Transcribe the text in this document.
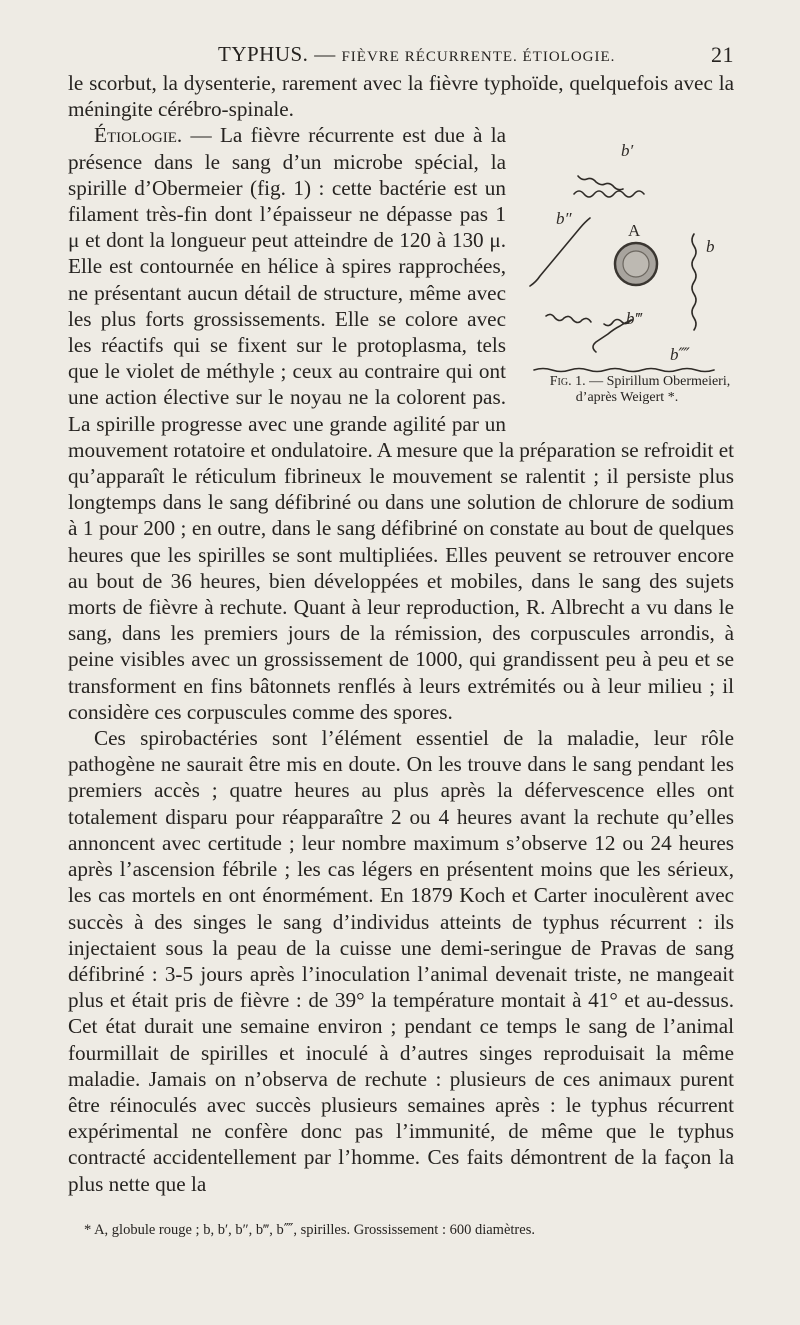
TYPHUS. — FIÈVRE RÉCURRENTE. ÉTIOLOGIE.	21

le scorbut, la dysenterie, rarement avec la fièvre typhoïde, quelquefois avec la méningite cérébro-spinale.

Étiologie. —
b′
b″
A
b
b‴
b⁗
Fig. 1. — Spirillum Obermeieri,
d’après Weigert *.
La fièvre récurrente est due à la présence dans le sang d’un microbe spécial, la spirille d’Obermeier (fig. 1) : cette bactérie est un filament très-fin dont l’épaisseur ne dépasse pas 1 μ et dont la longueur peut atteindre de 120 à 130 μ. Elle est contournée en hélice à spires rapprochées, ne présentant aucun détail de structure, même avec les plus forts grossissements. Elle se colore avec les réactifs qui se fixent sur le protoplasma, tels que le violet de méthyle ; ceux au contraire qui ont une action élective sur le noyau ne la colorent pas. La spirille progresse avec une grande agilité par un mouvement rotatoire et ondulatoire. A mesure que la préparation se refroidit et qu’apparaît le réticulum fibrineux le mouvement se ralentit ; il persiste plus longtemps dans le sang défibriné ou dans une solution de chlorure de sodium à 1 pour 200 ; en outre, dans le sang défibriné on constate au bout de quelques heures que les spirilles se sont multipliées. Elles peuvent se retrouver encore au bout de 36 heures, bien développées et mobiles, dans le sang des sujets morts de fièvre à rechute. Quant à leur reproduction, R. Albrecht a vu dans le sang, dans les premiers jours de la rémission, des corpuscules arrondis, à peine visibles avec un grossissement de 1000, qui grandissent peu à peu et se transforment en fins bâtonnets renflés à leurs extrémités ou à leur milieu ; il considère ces corpuscules comme des spores.

Ces spirobactéries sont l’élément essentiel de la maladie, leur rôle pathogène ne saurait être mis en doute. On les trouve dans le sang pendant les premiers accès ; quatre heures au plus après la défervescence elles ont totalement disparu pour réapparaître 2 ou 4 heures avant la rechute qu’elles annoncent avec certitude ; leur nombre maximum s’observe 12 ou 24 heures après l’ascension fébrile ; les cas légers en présentent moins que les sérieux, les cas mortels en ont énormément. En 1879 Koch et Carter inoculèrent avec succès à des singes le sang d’individus atteints de typhus récurrent : ils injectaient sous la peau de la cuisse une demi-seringue de Pravas de sang défibriné : 3-5 jours après l’inoculation l’animal devenait triste, ne mangeait plus et était pris de fièvre : de 39° la température montait à 41° et au-dessus. Cet état durait une semaine environ ; pendant ce temps le sang de l’animal fourmillait de spirilles et inoculé à d’autres singes reproduisait la même maladie. Jamais on n’observa de rechute : plusieurs de ces animaux purent être réinoculés avec succès plusieurs semaines après : le typhus récurrent expérimental ne confère donc pas l’immunité, de même que le typhus contracté accidentellement par l’homme. Ces faits démontrent de la façon la plus nette que la

* A, globule rouge ; b, b′, b″, b‴, b⁗, spirilles. Grossissement : 600 diamètres.
